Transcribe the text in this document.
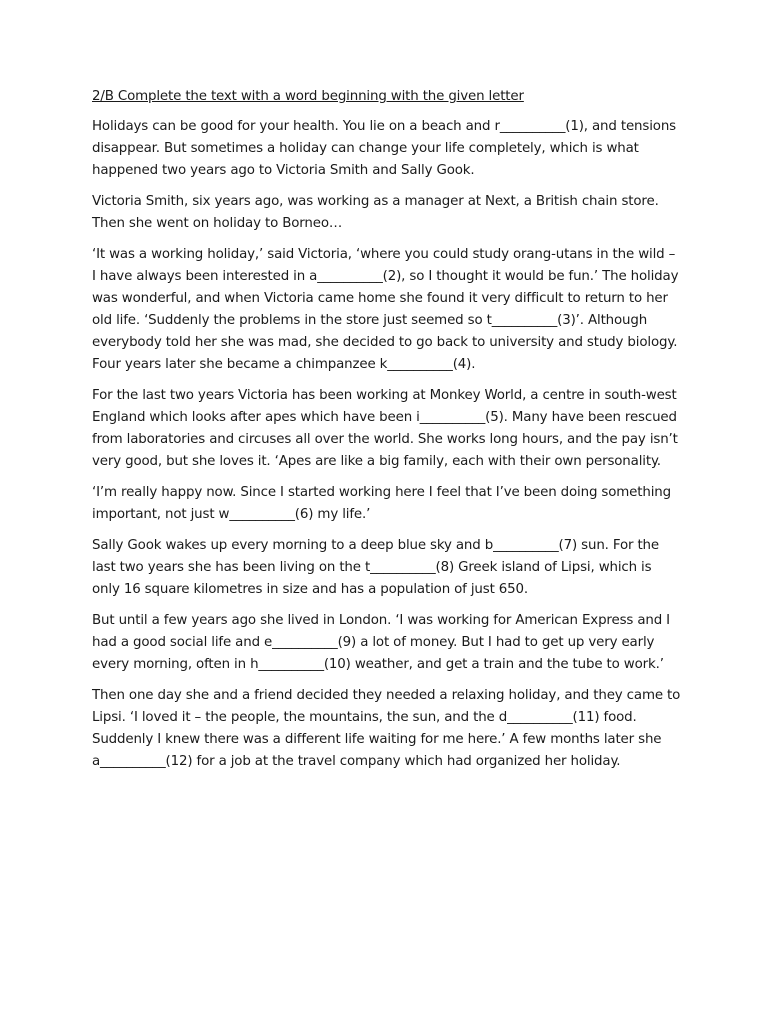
2/B Complete the text with a word beginning with the given letter

Holidays can be good for your health. You lie on a beach and r__________(1), and tensions disappear. But sometimes a holiday can change your life completely, which is what happened two years ago to Victoria Smith and Sally Gook.

Victoria Smith, six years ago, was working as a manager at Next, a British chain store. Then she went on holiday to Borneo…

‘It was a working holiday,’ said Victoria, ‘where you could study orang-utans in the wild – I have always been interested in a__________(2), so I thought it would be fun.’ The holiday was wonderful, and when Victoria came home she found it very difficult to return to her old life. ‘Suddenly the problems in the store just seemed so t__________(3)’. Although everybody told her she was mad, she decided to go back to university and study biology. Four years later she became a chimpanzee k__________(4).

For the last two years Victoria has been working at Monkey World, a centre in south-west England which looks after apes which have been i__________(5). Many have been rescued from laboratories and circuses all over the world. She works long hours, and the pay isn’t very good, but she loves it. ‘Apes are like a big family, each with their own personality.

‘I’m really happy now. Since I started working here I feel that I’ve been doing something important, not just w__________(6) my life.’

Sally Gook wakes up every morning to a deep blue sky and b__________(7) sun. For the last two years she has been living on the t__________(8) Greek island of Lipsi, which is only 16 square kilometres in size and has a population of just 650.

But until a few years ago she lived in London. ‘I was working for American Express and I had a good social life and e__________(9) a lot of money. But I had to get up very early every morning, often in h__________(10) weather, and get a train and the tube to work.’

Then one day she and a friend decided they needed a relaxing holiday, and they came to Lipsi. ‘I loved it – the people, the mountains, the sun, and the d__________(11) food. Suddenly I knew there was a different life waiting for me here.’ A few months later she a__________(12) for a job at the travel company which had organized her holiday.
